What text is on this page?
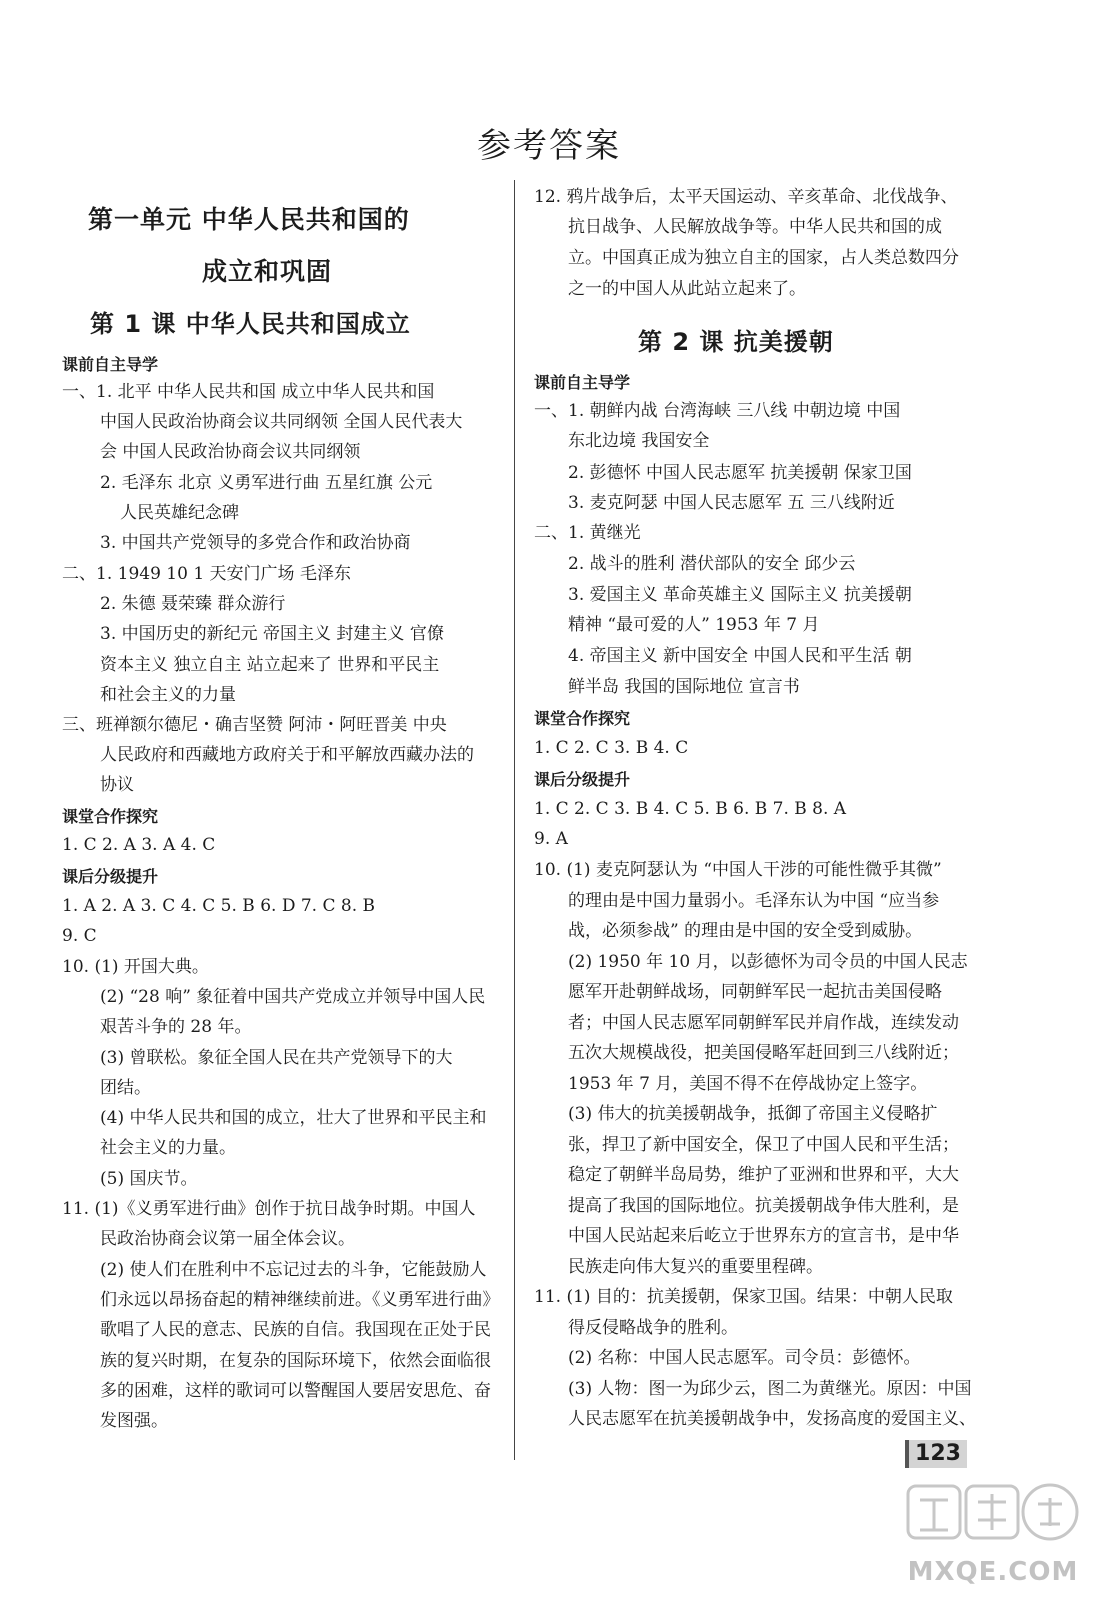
参考答案
第一单元 中华人民共和国的
成立和巩固
第 1 课 中华人民共和国成立
课前自主导学
一、1. 北平 中华人民共和国 成立中华人民共和国
中国人民政治协商会议共同纲领 全国人民代表大
会 中国人民政治协商会议共同纲领
2. 毛泽东 北京 义勇军进行曲 五星红旗 公元
人民英雄纪念碑
3. 中国共产党领导的多党合作和政治协商
二、1. 1949 10 1 天安门广场 毛泽东
2. 朱德 聂荣臻 群众游行
3. 中国历史的新纪元 帝国主义 封建主义 官僚
资本主义 独立自主 站立起来了 世界和平民主
和社会主义的力量
三、班禅额尔德尼・确吉坚赞 阿沛・阿旺晋美 中央
人民政府和西藏地方政府关于和平解放西藏办法的
协议
课堂合作探究
1. C 2. A 3. A 4. C
课后分级提升
1. A 2. A 3. C 4. C 5. B 6. D 7. C 8. B
9. C
10. (1) 开国大典。
(2) “28 响” 象征着中国共产党成立并领导中国人民
艰苦斗争的 28 年。
(3) 曾联松。象征全国人民在共产党领导下的大
团结。
(4) 中华人民共和国的成立，壮大了世界和平民主和
社会主义的力量。
(5) 国庆节。
11. (1)《义勇军进行曲》创作于抗日战争时期。中国人
民政治协商会议第一届全体会议。
(2) 使人们在胜利中不忘记过去的斗争，它能鼓励人
们永远以昂扬奋起的精神继续前进。《义勇军进行曲》
歌唱了人民的意志、民族的自信。我国现在正处于民
族的复兴时期，在复杂的国际环境下，依然会面临很
多的困难，这样的歌词可以警醒国人要居安思危、奋
发图强。
12. 鸦片战争后，太平天国运动、辛亥革命、北伐战争、
抗日战争、人民解放战争等。中华人民共和国的成
立。中国真正成为独立自主的国家，占人类总数四分
之一的中国人从此站立起来了。
第 2 课 抗美援朝
课前自主导学
一、1. 朝鲜内战 台湾海峡 三八线 中朝边境 中国
东北边境 我国安全
2. 彭德怀 中国人民志愿军 抗美援朝 保家卫国
3. 麦克阿瑟 中国人民志愿军 五 三八线附近
二、1. 黄继光
2. 战斗的胜利 潜伏部队的安全 邱少云
3. 爱国主义 革命英雄主义 国际主义 抗美援朝
精神 “最可爱的人” 1953 年 7 月
4. 帝国主义 新中国安全 中国人民和平生活 朝
鲜半岛 我国的国际地位 宣言书
课堂合作探究
1. C 2. C 3. B 4. C
课后分级提升
1. C 2. C 3. B 4. C 5. B 6. B 7. B 8. A
9. A
10. (1) 麦克阿瑟认为 “中国人干涉的可能性微乎其微”
的理由是中国力量弱小。毛泽东认为中国 “应当参
战，必须参战” 的理由是中国的安全受到威胁。
(2) 1950 年 10 月，以彭德怀为司令员的中国人民志
愿军开赴朝鲜战场，同朝鲜军民一起抗击美国侵略
者；中国人民志愿军同朝鲜军民并肩作战，连续发动
五次大规模战役，把美国侵略军赶回到三八线附近；
1953 年 7 月，美国不得不在停战协定上签字。
(3) 伟大的抗美援朝战争，抵御了帝国主义侵略扩
张，捍卫了新中国安全，保卫了中国人民和平生活；
稳定了朝鲜半岛局势，维护了亚洲和世界和平，大大
提高了我国的国际地位。抗美援朝战争伟大胜利，是
中国人民站起来后屹立于世界东方的宣言书，是中华
民族走向伟大复兴的重要里程碑。
11. (1) 目的：抗美援朝，保家卫国。结果：中朝人民取
得反侵略战争的胜利。
(2) 名称：中国人民志愿军。司令员：彭德怀。
(3) 人物：图一为邱少云，图二为黄继光。原因：中国
人民志愿军在抗美援朝战争中，发扬高度的爱国主义、
123
MXQE.COM
